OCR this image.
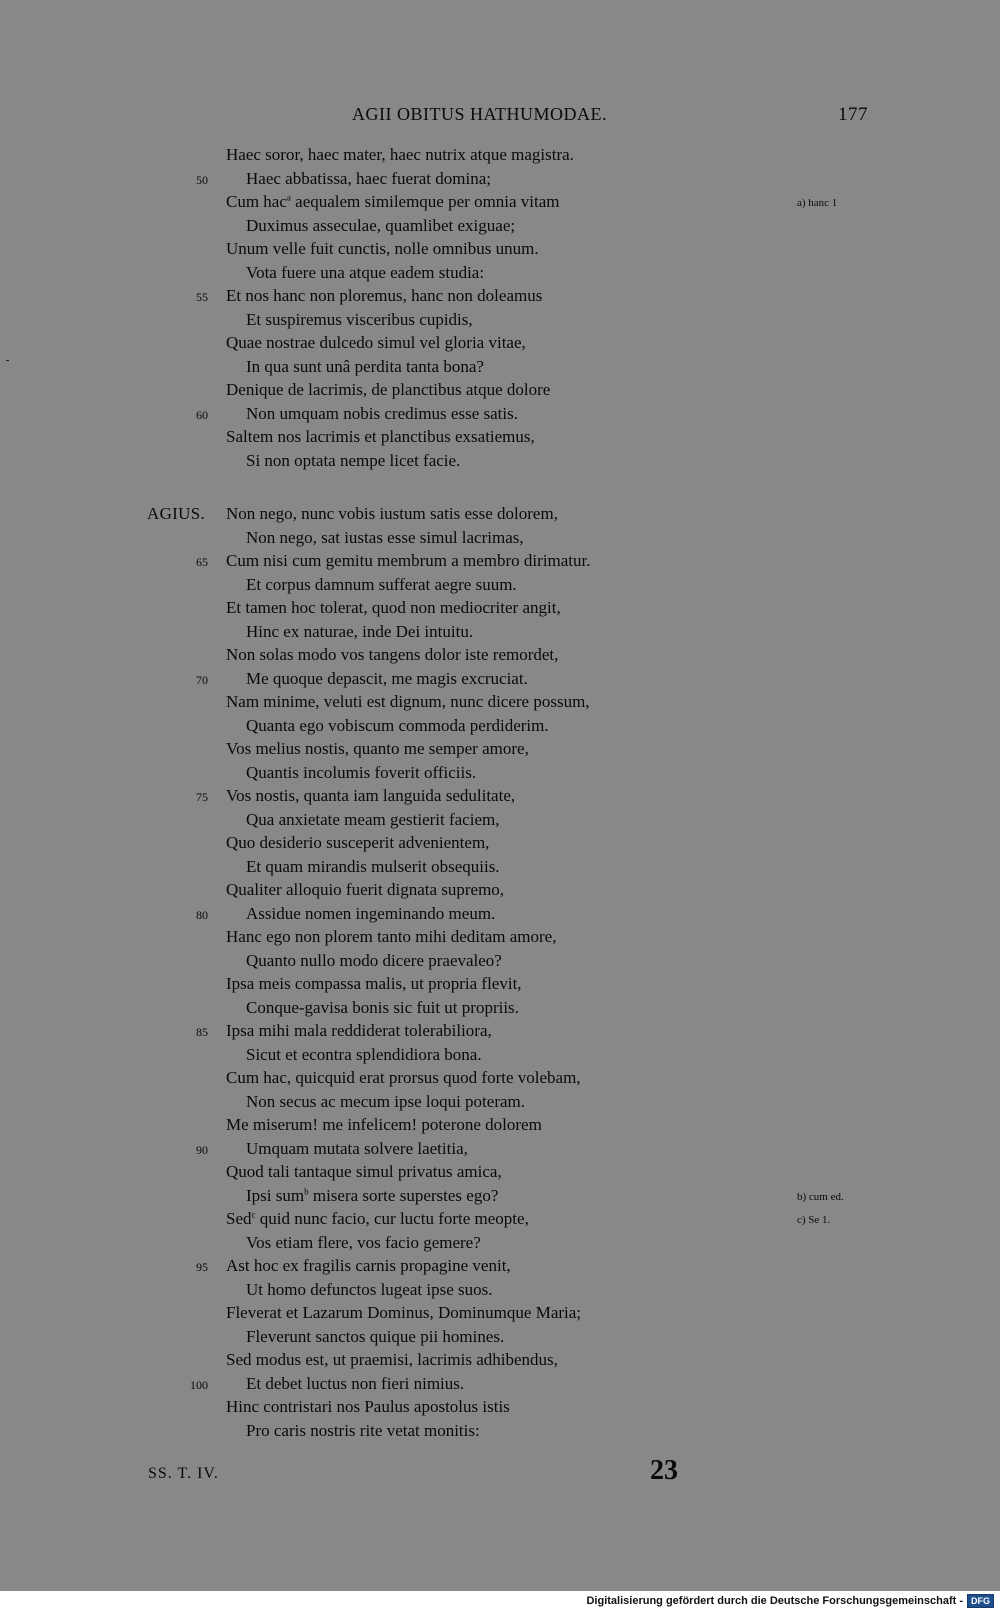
AGII OBITUS HATHUMODAE.	177
Haec soror, haec mater, haec nutrix atque magistra.
50 Haec abbatissa, haec fuerat domina;
Cum hac$^a$ aequalem similemque per omnia vitam
Duximus asseculae, quamlibet exiguae;
Unum velle fuit cunctis, nolle omnibus unum.
Vota fuere una atque eadem studia:
55 Et nos hanc non ploremus, hanc non doleamus
Et suspiremus visceribus cupidis,
Quae nostrae dulcedo simul vel gloria vitae,
In qua sunt unâ perdita tanta bona?
Denique de lacrimis, de planctibus atque dolore
60 Non umquam nobis credimus esse satis.
Saltem nos lacrimis et planctibus exsatiemus,
Si non optata nempe licet facie.
AGIUS. Non nego, nunc vobis iustum satis esse dolorem,
Non nego, sat iustas esse simul lacrimas,
65 Cum nisi cum gemitu membrum a membro dirimatur.
Et corpus damnum sufferat aegre suum.
Et tamen hoc tolerat, quod non mediocriter angit,
Hinc ex naturae, inde Dei intuitu.
Non solas modo vos tangens dolor iste remordet,
70 Me quoque depascit, me magis excruciat.
Nam minime, veluti est dignum, nunc dicere possum,
Quanta ego vobiscum commoda perdiderim.
Vos melius nostis, quanto me semper amore,
Quantis incolumis foverit officiis.
75 Vos nostis, quanta iam languida sedulitate,
Qua anxietate meam gestierit faciem,
Quo desiderio susceperit advenientem,
Et quam mirandis mulserit obsequiis.
Qualiter alloquio fuerit dignata supremo,
80 Assidue nomen ingeminando meum.
Hanc ego non plorem tanto mihi deditam amore,
Quanto nullo modo dicere praevaleo?
Ipsa meis compassa malis, ut propria flevit,
Conque-gavisa bonis sic fuit ut propriis.
85 Ipsa mihi mala reddiderat tolerabiliora,
Sicut et econtra splendidiora bona.
Cum hac, quicquid erat prorsus quod forte volebam,
Non secus ac mecum ipse loqui poteram.
Me miserum! me infelicem! poterone dolorem
90 Umquam mutata solvere laetitia,
Quod tali tantaque simul privatus amica,
Ipsi sum$^b$ misera sorte superstes ego?
Sed$^c$ quid nunc facio, cur luctu forte meopte,
Vos etiam flere, vos facio gemere?
95 Ast hoc ex fragilis carnis propagine venit,
Ut homo defunctos lugeat ipse suos.
Fleverat et Lazarum Dominus, Dominumque Maria;
Fleverunt sanctos quique pii homines.
Sed modus est, ut praemisi, lacrimis adhibendus,
100 Et debet luctus non fieri nimius.
Hinc contristari nos Paulus apostolus istis
Pro caris nostris rite vetat monitis:
a) hanc 1
b) cum ed.
c) Se 1.
SS. T. IV.	23
Digitalisierung gefördert durch die Deutsche Forschungsgemeinschaft - DFG
